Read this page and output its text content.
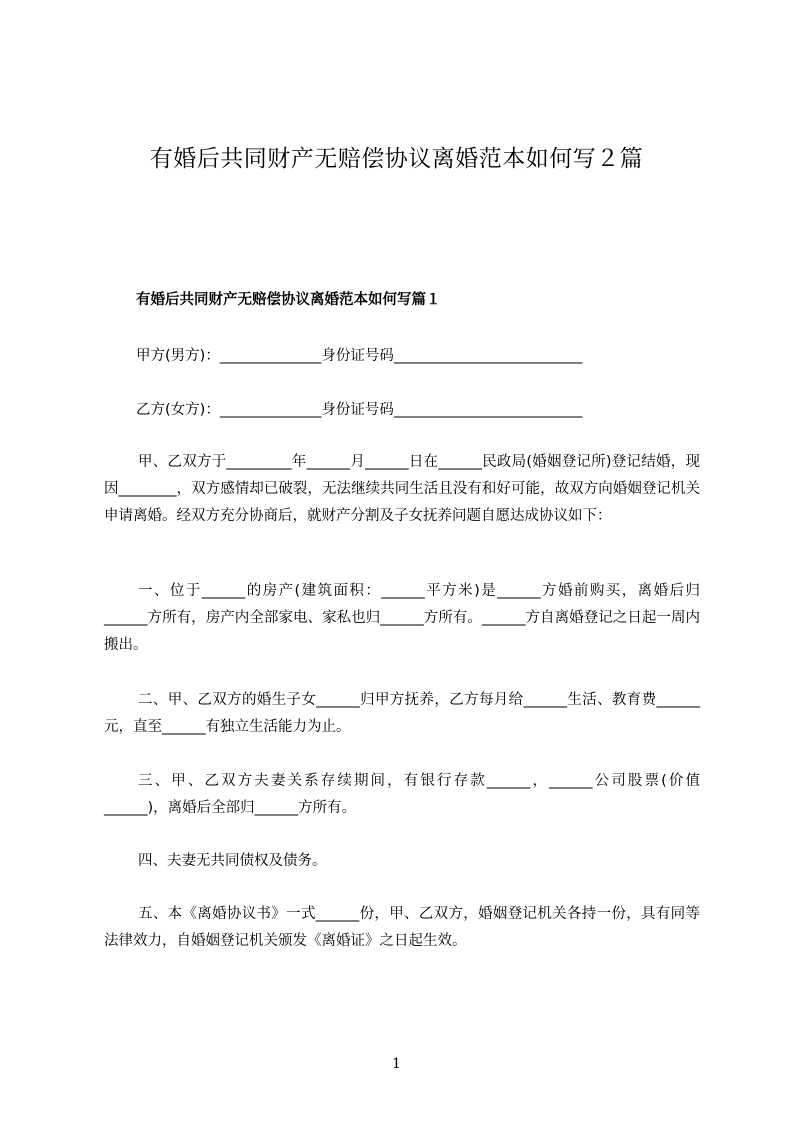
有婚后共同财产无赔偿协议离婚范本如何写２篇
有婚后共同财产无赔偿协议离婚范本如何写篇１
甲方(男方)：______________身份证号码__________________________
乙方(女方)：______________身份证号码__________________________
甲、乙双方于_________年______月______日在______民政局(婚姻登记所)登记结婚，现因________，双方感情却已破裂，无法继续共同生活且没有和好可能，故双方向婚姻登记机关申请离婚。经双方充分协商后，就财产分割及子女抚养问题自愿达成协议如下：
一、位于______的房产(建筑面积：______平方米)是______方婚前购买，离婚后归______方所有，房产内全部家电、家私也归______方所有。______方自离婚登记之日起一周内搬出。
二、甲、乙双方的婚生子女______归甲方抚养，乙方每月给______生活、教育费______元，直至______有独立生活能力为止。
三、甲、乙双方夫妻关系存续期间，有银行存款______，______公司股票(价值______)，离婚后全部归______方所有。
四、夫妻无共同债权及债务。
五、本《离婚协议书》一式______份，甲、乙双方，婚姻登记机关各持一份，具有同等法律效力，自婚姻登记机关颁发《离婚证》之日起生效。
1
